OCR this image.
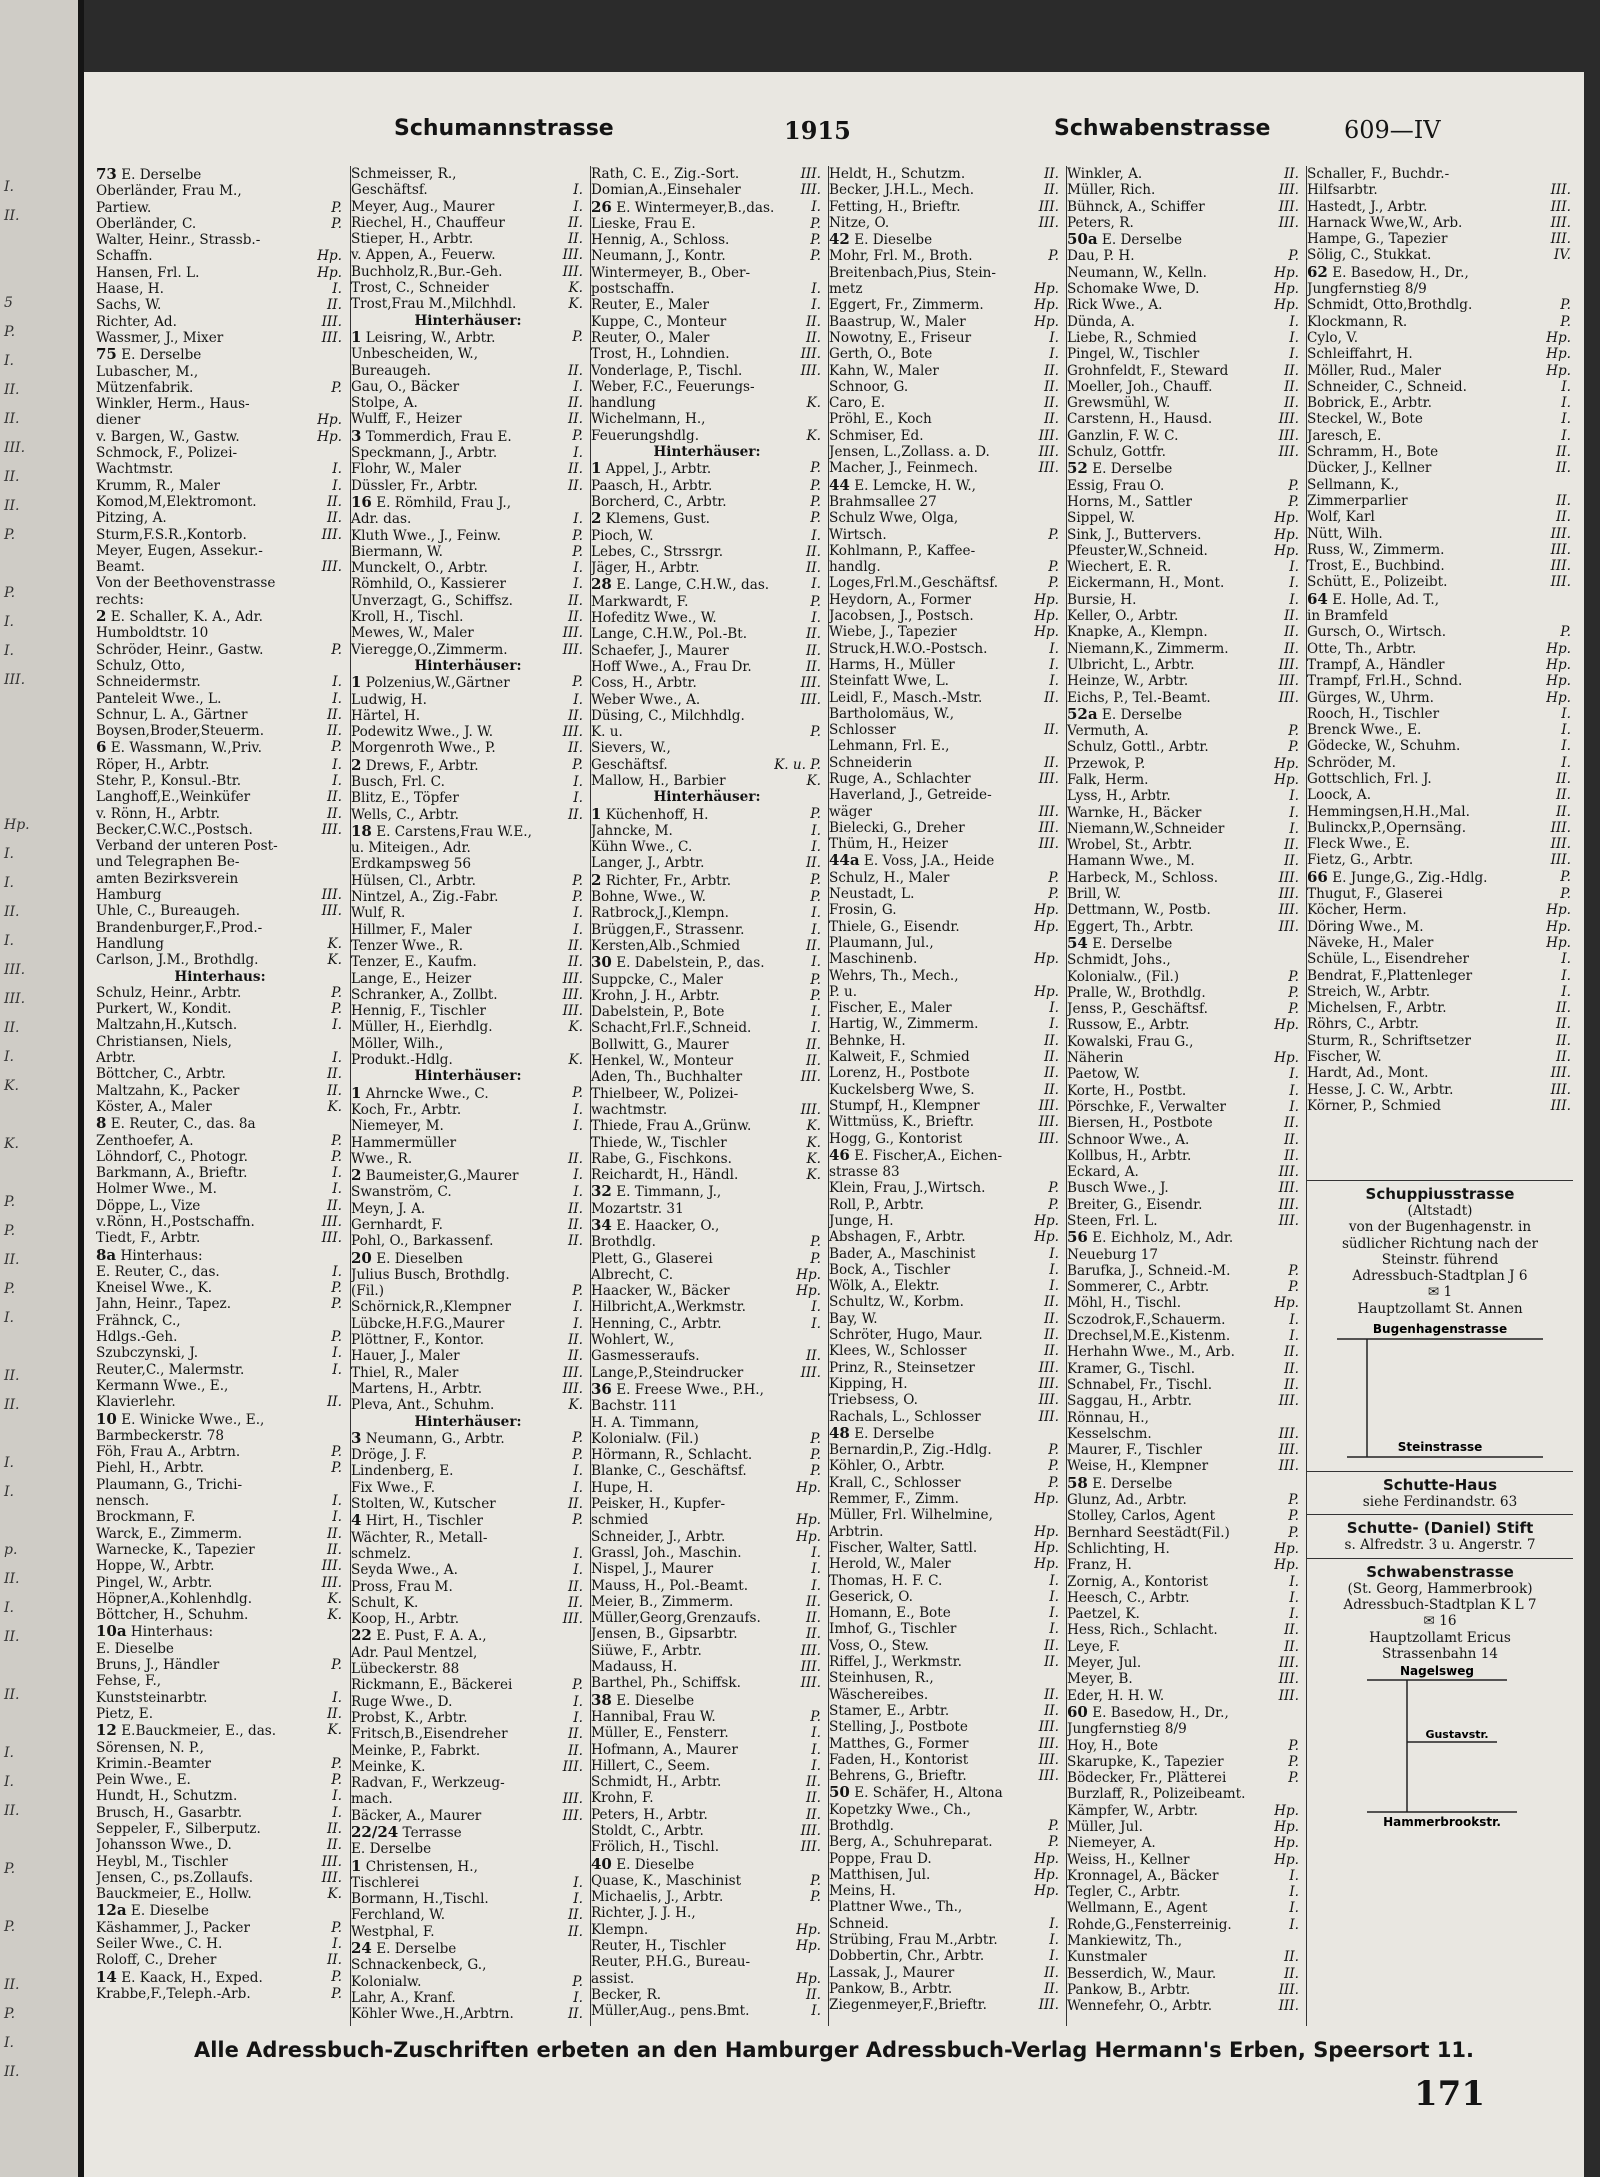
I.
II.
5
P.
I.
II.
II.
III.
II.
II.
P.
P.
I.
I.
III.
Hp.
I.
I.
II.
I.
III.
III.
II.
I.
K.
K.
P.
P.
II.
P.
I.
II.
II.
I.
I.
p.
II.
I.
II.
II.
I.
I.
II.
P.
P.
II.
P.
I.
II.
Schumannstrasse	1915	Schwabenstrasse	609—IV
73 E. Derselbe
Oberländer, Frau M.,
Partiew.	P.
Oberländer, C.	P.
Walter, Heinr., Strassb.-
Schaffn.	Hp.
Hansen, Frl. L.	Hp.
Haase, H.	I.
Sachs, W.	II.
Richter, Ad.	III.
Wassmer, J., Mixer	III.
75 E. Derselbe
Lubascher, M.,
Mützenfabrik.	P.
Winkler, Herm., Haus-
diener	Hp.
v. Bargen, W., Gastw.	Hp.
Schmock, F., Polizei-
Wachtmstr.	I.
Krumm, R., Maler	I.
Komod,M,Elektromont.	II.
Pitzing, A.	II.
Sturm,F.S.R.,Kontorb.	III.
Meyer, Eugen, Assekur.-
Beamt.	III.
Von der Beethovenstrasse
rechts:
2 E. Schaller, K. A., Adr.
Humboldtstr. 10
Schröder, Heinr., Gastw.	P.
Schulz, Otto,
Schneidermstr.	I.
Panteleit Wwe., L.	I.
Schnur, L. A., Gärtner	II.
Boysen,Broder,Steuerm.	II.
6 E. Wassmann, W.,Priv.	P.
Röper, H., Arbtr.	I.
Stehr, P., Konsul.-Btr.	I.
Langhoff,E.,Weinküfer	II.
v. Rönn, H., Arbtr.	II.
Becker,C.W.C.,Postsch.	III.
Verband der unteren Post-
und Telegraphen Be-
amten Bezirksverein
Hamburg	III.
Uhle, C., Bureaugeh.	III.
Brandenburger,F.,Prod.-
Handlung	K.
Carlson, J.M., Brothdlg.	K.
Hinterhaus:
Schulz, Heinr., Arbtr.	P.
Purkert, W., Kondit.	P.
Maltzahn,H.,Kutsch.	I.
Christiansen, Niels,
Arbtr.	I.
Böttcher, C., Arbtr.	II.
Maltzahn, K., Packer	II.
Köster, A., Maler	K.
8 E. Reuter, C., das. 8a
Zenthoefer, A.	P.
Löhndorf, C., Photogr.	P.
Barkmann, A., Brieftr.	I.
Holmer Wwe., M.	I.
Döppe, L., Vize	II.
v.Rönn, H.,Postschaffn.	III.
Tiedt, F., Arbtr.	III.
8a Hinterhaus:
E. Reuter, C., das.	I.
Kneisel Wwe., K.	P.
Jahn, Heinr., Tapez.	P.
Frähnck, C.,
Hdlgs.-Geh.	P.
Szubczynski, J.	I.
Reuter,C., Malermstr.	I.
Kermann Wwe., E.,
Klavierlehr.	II.
10 E. Winicke Wwe., E.,
Barmbeckerstr. 78
Föh, Frau A., Arbtrn.	P.
Piehl, H., Arbtr.	P.
Plaumann, G., Trichi-
nensch.	I.
Brockmann, F.	I.
Warck, E., Zimmerm.	II.
Warnecke, K., Tapezier	II.
Hoppe, W., Arbtr.	III.
Pingel, W., Arbtr.	III.
Höpner,A.,Kohlenhdlg.	K.
Böttcher, H., Schuhm.	K.
10a Hinterhaus:
E. Dieselbe
Bruns, J., Händler	P.
Fehse, F.,
Kunststeinarbtr.	I.
Pietz, E.	II.
12 E.Bauckmeier, E., das.	K.
Sörensen, N. P.,
Krimin.-Beamter	P.
Pein Wwe., E.	P.
Hundt, H., Schutzm.	I.
Brusch, H., Gasarbtr.	I.
Seppeler, F., Silberputz.	II.
Johansson Wwe., D.	II.
Heybl, M., Tischler	III.
Jensen, C., ps.Zollaufs.	III.
Bauckmeier, E., Hollw.	K.
12a E. Dieselbe
Käshammer, J., Packer	P.
Seiler Wwe., C. H.	I.
Roloff, C., Dreher	II.
14 E. Kaack, H., Exped.	P.
Krabbe,F.,Teleph.-Arb.	P.
Schmeisser, R.,
Geschäftsf.	I.
Meyer, Aug., Maurer	I.
Riechel, H., Chauffeur	II.
Stieper, H., Arbtr.	II.
v. Appen, A., Feuerw.	III.
Buchholz,R.,Bur.-Geh.	III.
Trost, C., Schneider	K.
Trost,Frau M.,Milchhdl.	K.
Hinterhäuser:
1 Leisring, W., Arbtr.	P.
Unbescheiden, W.,
Bureaugeh.	II.
Gau, O., Bäcker	I.
Stolpe, A.	II.
Wulff, F., Heizer	II.
3 Tommerdich, Frau E.	P.
Speckmann, J., Arbtr.	I.
Flohr, W., Maler	II.
Düssler, Fr., Arbtr.	II.
16 E. Römhild, Frau J.,
Adr. das.	I.
Kluth Wwe., J., Feinw.	P.
Biermann, W.	P.
Munckelt, O., Arbtr.	I.
Römhild, O., Kassierer	I.
Unverzagt, G., Schiffsz.	II.
Kroll, H., Tischl.	II.
Mewes, W., Maler	III.
Vieregge,O.,Zimmerm.	III.
Hinterhäuser:
1 Polzenius,W.,Gärtner	P.
Ludwig, H.	I.
Härtel, H.	II.
Podewitz Wwe., J. W.	III.
Morgenroth Wwe., P.	II.
2 Drews, F., Arbtr.	P.
Busch, Frl. C.	I.
Blitz, E., Töpfer	I.
Wells, C., Arbtr.	II.
18 E. Carstens,Frau W.E.,
u. Miteigen., Adr.
Erdkampsweg 56
Hülsen, Cl., Arbtr.	P.
Nintzel, A., Zig.-Fabr.	P.
Wulf, R.	I.
Hillmer, F., Maler	I.
Tenzer Wwe., R.	II.
Tenzer, E., Kaufm.	II.
Lange, E., Heizer	III.
Schranker, A., Zollbt.	III.
Hennig, F., Tischler	III.
Müller, H., Eierhdlg.	K.
Möller, Wilh.,
Produkt.-Hdlg.	K.
Hinterhäuser:
1 Ahrncke Wwe., C.	P.
Koch, Fr., Arbtr.	I.
Niemeyer, M.	I.
Hammermüller
Wwe., R.	II.
2 Baumeister,G.,Maurer	I.
Swanström, C.	I.
Meyn, J. A.	II.
Gernhardt, F.	II.
Pohl, O., Barkassenf.	II.
20 E. Dieselben
Julius Busch, Brothdlg.
(Fil.)	P.
Schörnick,R.,Klempner	I.
Lübcke,H.F.G.,Maurer	I.
Plöttner, F., Kontor.	II.
Hauer, J., Maler	II.
Thiel, R., Maler	III.
Martens, H., Arbtr.	III.
Pleva, Ant., Schuhm.	K.
Hinterhäuser:
3 Neumann, G., Arbtr.	P.
Dröge, J. F.	P.
Lindenberg, E.	I.
Fix Wwe., F.	I.
Stolten, W., Kutscher	II.
4 Hirt, H., Tischler	P.
Wächter, R., Metall-
schmelz.	I.
Seyda Wwe., A.	I.
Pross, Frau M.	II.
Schult, K.	II.
Koop, H., Arbtr.	III.
22 E. Pust, F. A. A.,
Adr. Paul Mentzel,
Lübeckerstr. 88
Rickmann, E., Bäckerei	P.
Ruge Wwe., D.	I.
Probst, K., Arbtr.	I.
Fritsch,B.,Eisendreher	II.
Meinke, P., Fabrkt.	II.
Meinke, K.	III.
Radvan, F., Werkzeug-
mach.	III.
Bäcker, A., Maurer	III.
22/24 Terrasse
E. Derselbe
1 Christensen, H.,
Tischlerei	I.
Bormann, H.,Tischl.	I.
Ferchland, W.	II.
Westphal, F.	II.
24 E. Derselbe
Schnackenbeck, G.,
Kolonialw.	P.
Lahr, A., Kranf.	I.
Köhler Wwe.,H.,Arbtrn.	II.
Rath, C. E., Zig.-Sort.	III.
Domian,A.,Einsehaler	III.
26 E. Wintermeyer,B.,das.	I.
Lieske, Frau E.	P.
Hennig, A., Schloss.	P.
Neumann, J., Kontr.	P.
Wintermeyer, B., Ober-
postschaffn.	I.
Reuter, E., Maler	I.
Kuppe, C., Monteur	II.
Reuter, O., Maler	II.
Trost, H., Lohndien.	III.
Vonderlage, P., Tischl.	III.
Weber, F.C., Feuerungs-
handlung	K.
Wichelmann, H.,
Feuerungshdlg.	K.
Hinterhäuser:
1 Appel, J., Arbtr.	P.
Paasch, H., Arbtr.	P.
Borcherd, C., Arbtr.	P.
2 Klemens, Gust.	P.
Pioch, W.	I.
Lebes, C., Strssrgr.	II.
Jäger, H., Arbtr.	II.
28 E. Lange, C.H.W., das.	I.
Markwardt, F.	P.
Hofeditz Wwe., W.	I.
Lange, C.H.W., Pol.-Bt.	II.
Schaefer, J., Maurer	II.
Hoff Wwe., A., Frau Dr.	II.
Coss, H., Arbtr.	III.
Weber Wwe., A.	III.
Düsing, C., Milchhdlg.
K. u.	P.
Sievers, W.,
Geschäftsf.	K. u. P.
Mallow, H., Barbier	K.
Hinterhäuser:
1 Küchenhoff, H.	P.
Jahncke, M.	I.
Kühn Wwe., C.	I.
Langer, J., Arbtr.	II.
2 Richter, Fr., Arbtr.	P.
Bohne, Wwe., W.	P.
Ratbrock,J.,Klempn.	I.
Brüggen,F., Strassenr.	I.
Kersten,Alb.,Schmied	II.
30 E. Dabelstein, P., das.	I.
Suppcke, C., Maler	P.
Krohn, J. H., Arbtr.	P.
Dabelstein, P., Bote	I.
Schacht,Frl.F.,Schneid.	I.
Bollwitt, G., Maurer	II.
Henkel, W., Monteur	II.
Aden, Th., Buchhalter	III.
Thielbeer, W., Polizei-
wachtmstr.	III.
Thiede, Frau A.,Grünw.	K.
Thiede, W., Tischler	K.
Rabe, G., Fischkons.	K.
Reichardt, H., Händl.	K.
32 E. Timmann, J.,
Mozartstr. 31
34 E. Haacker, O.,
Brothdlg.	P.
Plett, G., Glaserei	P.
Albrecht, C.	Hp.
Haacker, W., Bäcker	Hp.
Hilbricht,A.,Werkmstr.	I.
Henning, C., Arbtr.	I.
Wohlert, W.,
Gasmesseraufs.	II.
Lange,P.,Steindrucker	III.
36 E. Freese Wwe., P.H.,
Bachstr. 111
H. A. Timmann,
Kolonialw. (Fil.)	P.
Hörmann, R., Schlacht.	P.
Blanke, C., Geschäftsf.	P.
Hupe, H.	Hp.
Peisker, H., Kupfer-
schmied	Hp.
Schneider, J., Arbtr.	Hp.
Grassl, Joh., Maschin.	I.
Nispel, J., Maurer	I.
Mauss, H., Pol.-Beamt.	I.
Meier, B., Zimmerm.	II.
Müller,Georg,Grenzaufs.	II.
Jensen, B., Gipsarbtr.	II.
Siüwe, F., Arbtr.	III.
Madauss, H.	III.
Barthel, Ph., Schiffsk.	III.
38 E. Dieselbe
Hannibal, Frau W.	P.
Müller, E., Fensterr.	I.
Hofmann, A., Maurer	I.
Hillert, C., Seem.	I.
Schmidt, H., Arbtr.	II.
Krohn, F.	II.
Peters, H., Arbtr.	II.
Stoldt, C., Arbtr.	III.
Frölich, H., Tischl.	III.
40 E. Dieselbe
Quase, K., Maschinist	P.
Michaelis, J., Arbtr.	P.
Richter, J. J. H.,
Klempn.	Hp.
Reuter, H., Tischler	Hp.
Reuter, P.H.G., Bureau-
assist.	Hp.
Becker, R.	II.
Müller,Aug., pens.Bmt.	I.
Heldt, H., Schutzm.	II.
Becker, J.H.L., Mech.	II.
Fetting, H., Brieftr.	III.
Nitze, O.	III.
42 E. Dieselbe
Mohr, Frl. M., Broth.	P.
Breitenbach,Pius, Stein-
metz	Hp.
Eggert, Fr., Zimmerm.	Hp.
Baastrup, W., Maler	Hp.
Nowotny, E., Friseur	I.
Gerth, O., Bote	I.
Kahn, W., Maler	II.
Schnoor, G.	II.
Caro, E.	II.
Pröhl, E., Koch	II.
Schmiser, Ed.	III.
Jensen, L.,Zollass. a. D.	III.
Macher, J., Feinmech.	III.
44 E. Lemcke, H. W.,
Brahmsallee 27
Schulz Wwe, Olga,
Wirtsch.	P.
Kohlmann, P., Kaffee-
handlg.	P.
Loges,Frl.M.,Geschäftsf.	P.
Heydorn, A., Former	Hp.
Jacobsen, J., Postsch.	Hp.
Wiebe, J., Tapezier	Hp.
Struck,H.W.O.-Postsch.	I.
Harms, H., Müller	I.
Steinfatt Wwe, L.	I.
Leidl, F., Masch.-Mstr.	II.
Bartholomäus, W.,
Schlosser	II.
Lehmann, Frl. E.,
Schneiderin	II.
Ruge, A., Schlachter	III.
Haverland, J., Getreide-
wäger	III.
Bielecki, G., Dreher	III.
Thüm, H., Heizer	III.
44a E. Voss, J.A., Heide
Schulz, H., Maler	P.
Neustadt, L.	P.
Frosin, G.	Hp.
Thiele, G., Eisendr.	Hp.
Plaumann, Jul.,
Maschinenb.	Hp.
Wehrs, Th., Mech.,
P. u.	Hp.
Fischer, E., Maler	I.
Hartig, W., Zimmerm.	I.
Behnke, H.	II.
Kalweit, F., Schmied	II.
Lorenz, H., Postbote	II.
Kuckelsberg Wwe, S.	II.
Stumpf, H., Klempner	III.
Wittmüss, K., Brieftr.	III.
Hogg, G., Kontorist	III.
46 E. Fischer,A., Eichen-
strasse 83
Klein, Frau, J.,Wirtsch.	P.
Roll, P., Arbtr.	P.
Junge, H.	Hp.
Abshagen, F., Arbtr.	Hp.
Bader, A., Maschinist	I.
Bock, A., Tischler	I.
Wölk, A., Elektr.	I.
Schultz, W., Korbm.	II.
Bay, W.	II.
Schröter, Hugo, Maur.	II.
Klees, W., Schlosser	II.
Prinz, R., Steinsetzer	III.
Kipping, H.	III.
Triebsess, O.	III.
Rachals, L., Schlosser	III.
48 E. Derselbe
Bernardin,P., Zig.-Hdlg.	P.
Köhler, O., Arbtr.	P.
Krall, C., Schlosser	P.
Remmer, F., Zimm.	Hp.
Müller, Frl. Wilhelmine,
Arbtrin.	Hp.
Fischer, Walter, Sattl.	Hp.
Herold, W., Maler	Hp.
Thomas, H. F. C.	I.
Geserick, O.	I.
Homann, E., Bote	I.
Imhof, G., Tischler	I.
Voss, O., Stew.	II.
Riffel, J., Werkmstr.	II.
Steinhusen, R.,
Wäschereibes.	II.
Stamer, E., Arbtr.	II.
Stelling, J., Postbote	III.
Matthes, G., Former	III.
Faden, H., Kontorist	III.
Behrens, G., Brieftr.	III.
50 E. Schäfer, H., Altona
Kopetzky Wwe., Ch.,
Brothdlg.	P.
Berg, A., Schuhreparat.	P.
Poppe, Frau D.	Hp.
Matthisen, Jul.	Hp.
Meins, H.	Hp.
Plattner Wwe., Th.,
Schneid.	I.
Strübing, Frau M.,Arbtr.	I.
Dobbertin, Chr., Arbtr.	I.
Lassak, J., Maurer	II.
Pankow, B., Arbtr.	II.
Ziegenmeyer,F.,Brieftr.	III.
Winkler, A.	II.
Müller, Rich.	III.
Bühnck, A., Schiffer	III.
Peters, R.	III.
50a E. Derselbe
Dau, P. H.	P.
Neumann, W., Kelln.	Hp.
Schomake Wwe, D.	Hp.
Rick Wwe., A.	Hp.
Dünda, A.	I.
Liebe, R., Schmied	I.
Pingel, W., Tischler	I.
Grohnfeldt, F., Steward	II.
Moeller, Joh., Chauff.	II.
Grewsmühl, W.	II.
Carstenn, H., Hausd.	III.
Ganzlin, F. W. C.	III.
Schulz, Gottfr.	III.
52 E. Derselbe
Essig, Frau O.	P.
Horns, M., Sattler	P.
Sippel, W.	Hp.
Sink, J., Buttervers.	Hp.
Pfeuster,W.,Schneid.	Hp.
Wiechert, E. R.	I.
Eickermann, H., Mont.	I.
Bursie, H.	I.
Keller, O., Arbtr.	II.
Knapke, A., Klempn.	II.
Niemann,K., Zimmerm.	II.
Ulbricht, L., Arbtr.	III.
Heinze, W., Arbtr.	III.
Eichs, P., Tel.-Beamt.	III.
52a E. Derselbe
Vermuth, A.	P.
Schulz, Gottl., Arbtr.	P.
Przewok, P.	Hp.
Falk, Herm.	Hp.
Lyss, H., Arbtr.	I.
Warnke, H., Bäcker	I.
Niemann,W.,Schneider	I.
Wrobel, St., Arbtr.	II.
Hamann Wwe., M.	II.
Harbeck, M., Schloss.	III.
Brill, W.	III.
Dettmann, W., Postb.	III.
Eggert, Th., Arbtr.	III.
54 E. Derselbe
Schmidt, Johs.,
Kolonialw., (Fil.)	P.
Pralle, W., Brothdlg.	P.
Jenss, P., Geschäftsf.	P.
Russow, E., Arbtr.	Hp.
Kowalski, Frau G.,
Näherin	Hp.
Paetow, W.	I.
Korte, H., Postbt.	I.
Pörschke, F., Verwalter	I.
Biersen, H., Postbote	II.
Schnoor Wwe., A.	II.
Kollbus, H., Arbtr.	II.
Eckard, A.	III.
Busch Wwe., J.	III.
Breiter, G., Eisendr.	III.
Steen, Frl. L.	III.
56 E. Eichholz, M., Adr.
Neueburg 17
Barufka, J., Schneid.-M.	P.
Sommerer, C., Arbtr.	P.
Möhl, H., Tischl.	Hp.
Sczodrok,F.,Schauerm.	I.
Drechsel,M.E.,Kistenm.	I.
Herhahn Wwe., M., Arb.	II.
Kramer, G., Tischl.	II.
Schnabel, Fr., Tischl.	II.
Saggau, H., Arbtr.	III.
Rönnau, H.,
Kesselschm.	III.
Maurer, F., Tischler	III.
Weise, H., Klempner	III.
58 E. Derselbe
Glunz, Ad., Arbtr.	P.
Stolley, Carlos, Agent	P.
Bernhard Seestädt(Fil.)	P.
Schlichting, H.	Hp.
Franz, H.	Hp.
Zornig, A., Kontorist	I.
Heesch, C., Arbtr.	I.
Paetzel, K.	I.
Hess, Rich., Schlacht.	II.
Leye, F.	II.
Meyer, Jul.	III.
Meyer, B.	III.
Eder, H. H. W.	III.
60 E. Basedow, H., Dr.,
Jungfernstieg 8/9
Hoy, H., Bote	P.
Skarupke, K., Tapezier	P.
Bödecker, Fr., Plätterei	P.
Burzlaff, R., Polizeibeamt.
Kämpfer, W., Arbtr.	Hp.
Müller, Jul.	Hp.
Niemeyer, A.	Hp.
Weiss, H., Kellner	Hp.
Kronnagel, A., Bäcker	I.
Tegler, C., Arbtr.	I.
Wellmann, E., Agent	I.
Rohde,G.,Fensterreinig.	I.
Mankiewitz, Th.,
Kunstmaler	II.
Besserdich, W., Maur.	II.
Pankow, B., Arbtr.	III.
Wennefehr, O., Arbtr.	III.
Schaller, F., Buchdr.-
Hilfsarbtr.	III.
Hastedt, J., Arbtr.	III.
Harnack Wwe,W., Arb.	III.
Hampe, G., Tapezier	III.
Sölig, C., Stukkat.	IV.
62 E. Basedow, H., Dr.,
Jungfernstieg 8/9
Schmidt, Otto,Brothdlg.	P.
Klockmann, R.	P.
Cylo, V.	Hp.
Schleiffahrt, H.	Hp.
Möller, Rud., Maler	Hp.
Schneider, C., Schneid.	I.
Bobrick, E., Arbtr.	I.
Steckel, W., Bote	I.
Jaresch, E.	I.
Schramm, H., Bote	II.
Dücker, J., Kellner	II.
Sellmann, K.,
Zimmerparlier	II.
Wolf, Karl	II.
Nütt, Wilh.	III.
Russ, W., Zimmerm.	III.
Trost, E., Buchbind.	III.
Schütt, E., Polizeibt.	III.
64 E. Holle, Ad. T.,
in Bramfeld
Gursch, O., Wirtsch.	P.
Otte, Th., Arbtr.	Hp.
Trampf, A., Händler	Hp.
Trampf, Frl.H., Schnd.	Hp.
Gürges, W., Uhrm.	Hp.
Rooch, H., Tischler	I.
Brenck Wwe., E.	I.
Gödecke, W., Schuhm.	I.
Schröder, M.	I.
Gottschlich, Frl. J.	II.
Loock, A.	II.
Hemmingsen,H.H.,Mal.	II.
Bulinckx,P.,Opernsäng.	III.
Fleck Wwe., E.	III.
Fietz, G., Arbtr.	III.
66 E. Junge,G., Zig.-Hdlg.	P.
Thugut, F., Glaserei	P.
Köcher, Herm.	Hp.
Döring Wwe., M.	Hp.
Näveke, H., Maler	Hp.
Schüle, L., Eisendreher	I.
Bendrat, F.,Plattenleger	I.
Streich, W., Arbtr.	I.
Michelsen, F., Arbtr.	II.
Röhrs, C., Arbtr.	II.
Sturm, R., Schriftsetzer	II.
Fischer, W.	II.
Hardt, Ad., Mont.	III.
Hesse, J. C. W., Arbtr.	III.
Körner, P., Schmied	III.
Schuppiusstrasse
(Altstadt)
von der Bugenhagenstr. in
südlicher Richtung nach der
Steinstr. führend
Adressbuch-Stadtplan J 6
✉ 1
Hauptzollamt St. Annen
Bugenhagenstrasse
Steinstrasse
Schutte-Haus
siehe Ferdinandstr. 63
Schutte- (Daniel) Stift
s. Alfredstr. 3 u. Angerstr. 7
Schwabenstrasse
(St. Georg, Hammerbrook)
Adressbuch-Stadtplan K L 7
✉ 16
Hauptzollamt Ericus
Strassenbahn 14
Nagelsweg
Gustavstr.
Hammerbrookstr.
Alle Adressbuch-Zuschriften erbeten an den Hamburger Adressbuch-Verlag Hermann's Erben, Speersort 11.
171
